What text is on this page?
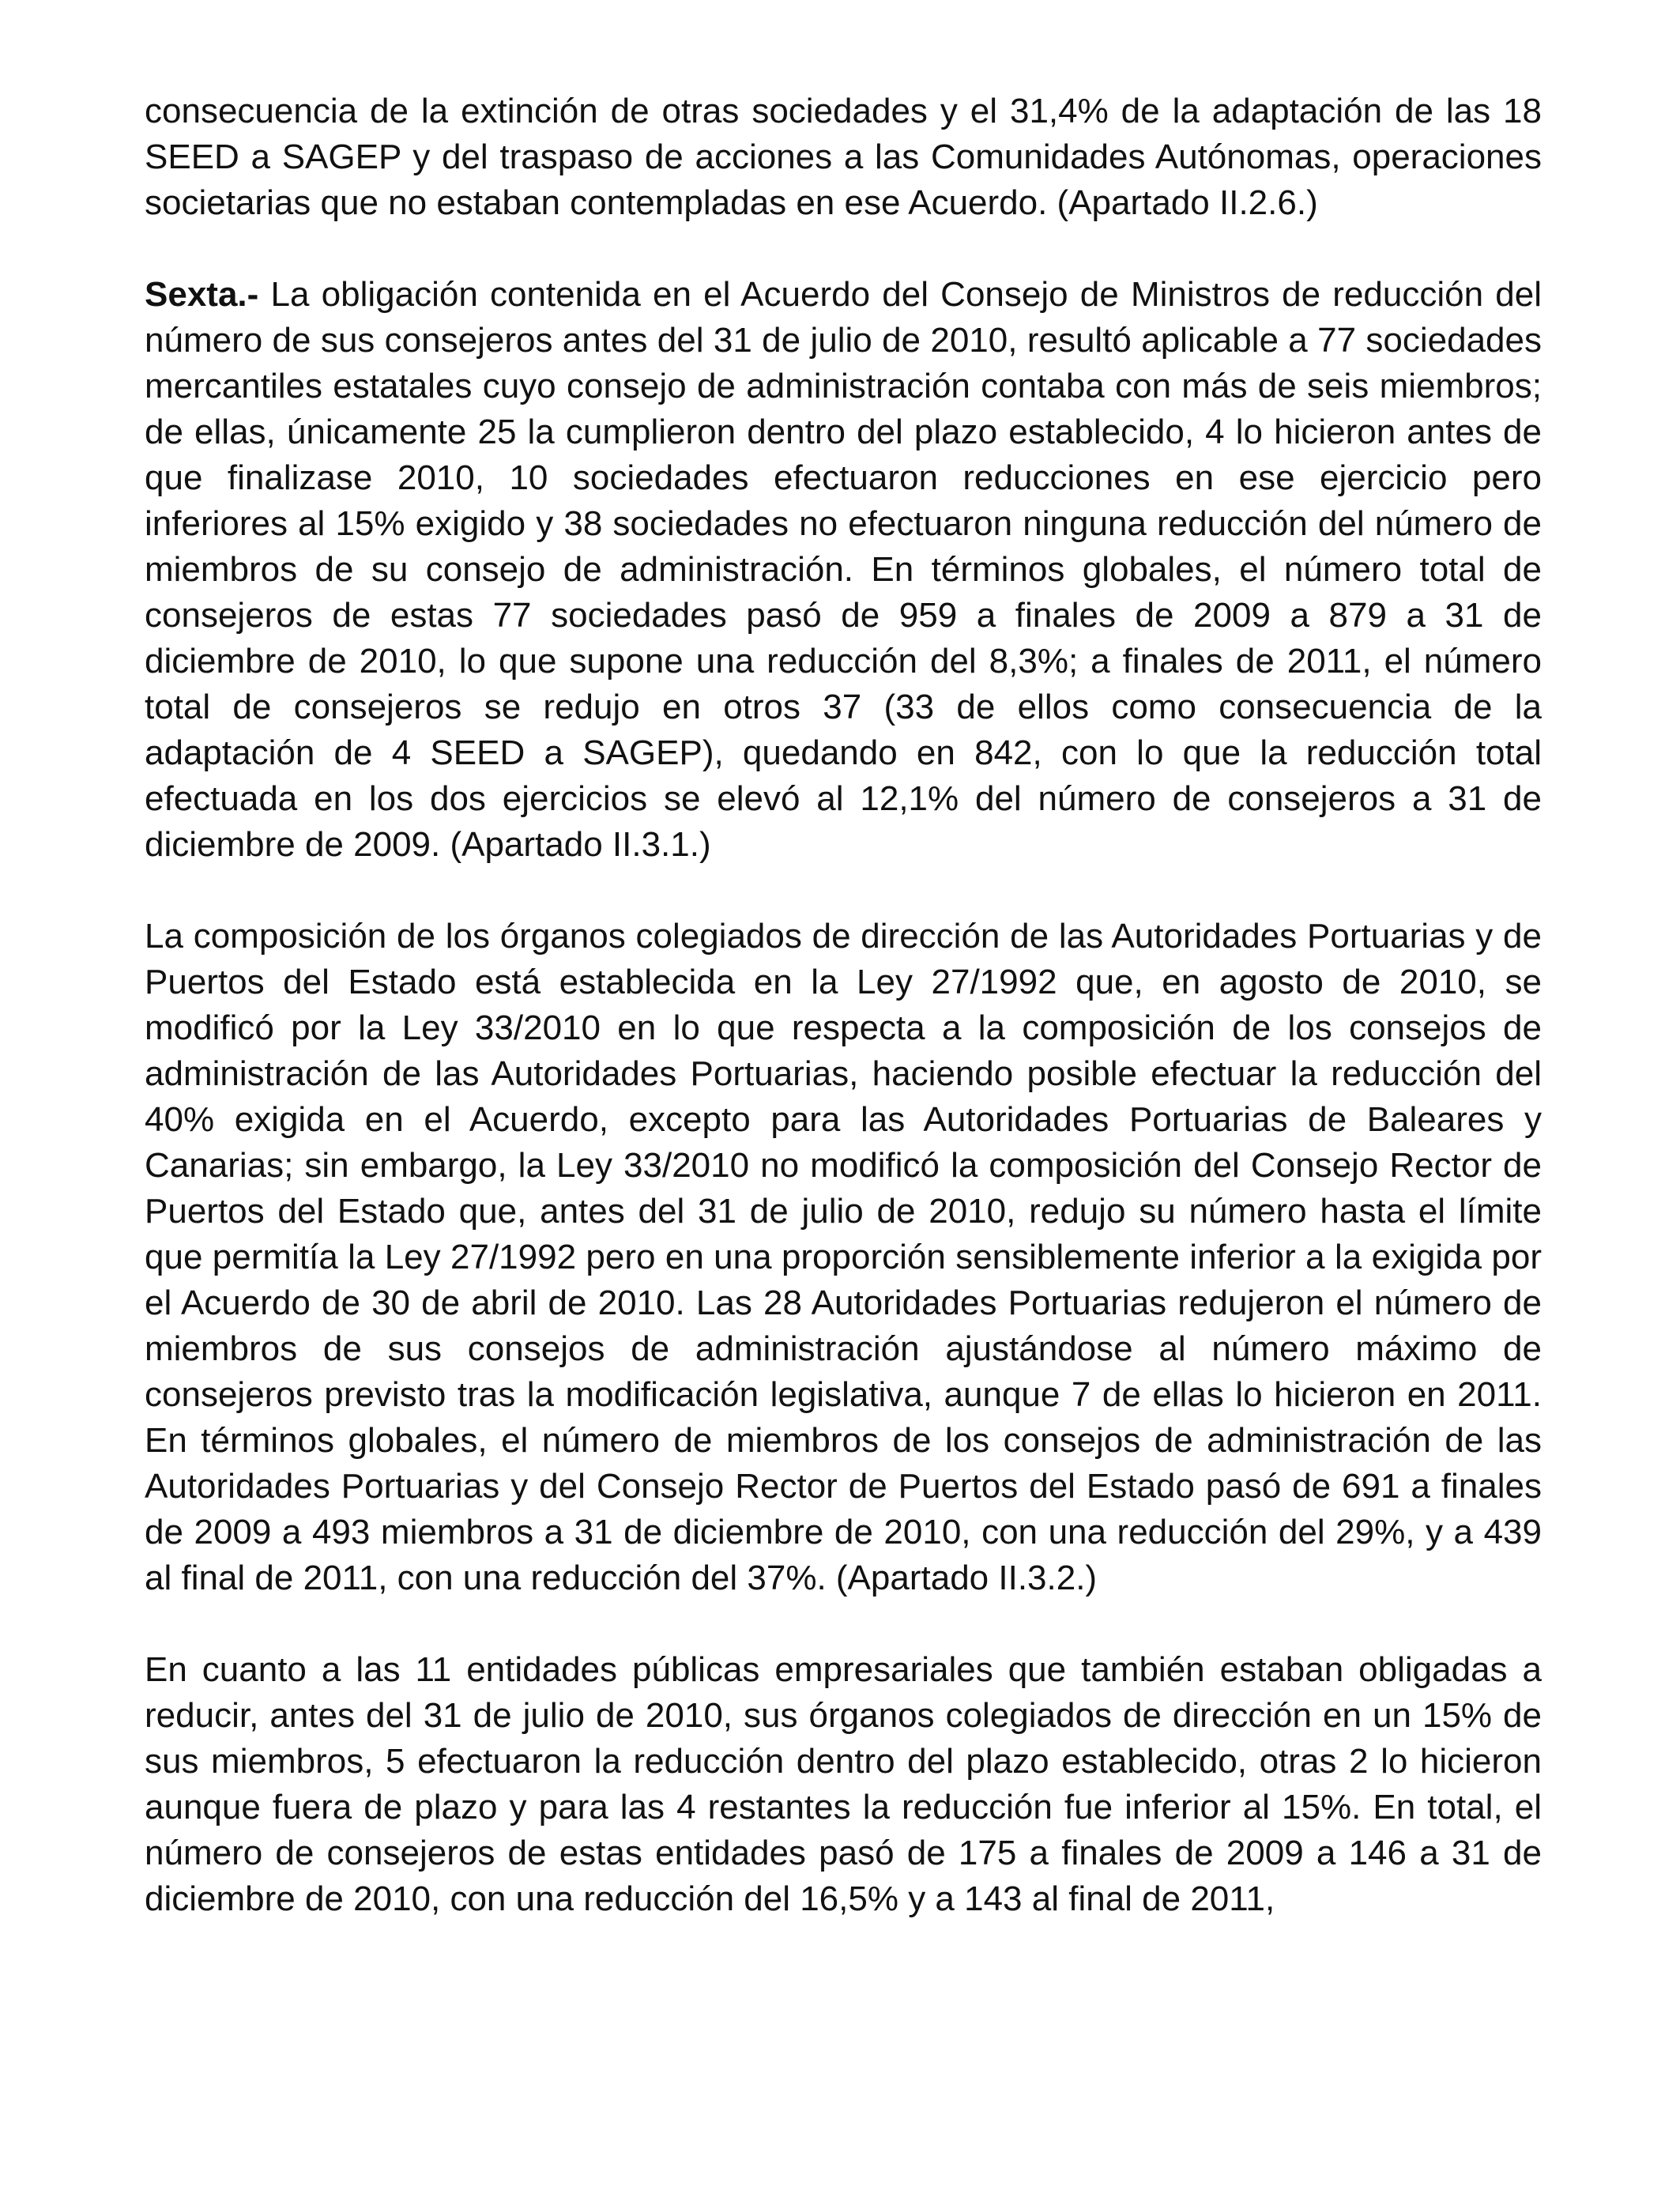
consecuencia de la extinción de otras sociedades y el 31,4% de la adaptación de las 18 SEED a SAGEP y del traspaso de acciones a las Comunidades Autónomas, operaciones societarias que no estaban contempladas en ese Acuerdo. (Apartado II.2.6.)

Sexta.- La obligación contenida en el Acuerdo del Consejo de Ministros de reducción del número de sus consejeros antes del 31 de julio de 2010, resultó aplicable a 77 sociedades mercantiles estatales cuyo consejo de administración contaba con más de seis miembros; de ellas, únicamente 25 la cumplieron dentro del plazo establecido, 4 lo hicieron antes de que finalizase 2010, 10 sociedades efectuaron reducciones en ese ejercicio pero inferiores al 15% exigido y 38 sociedades no efectuaron ninguna reducción del número de miembros de su consejo de administración. En términos globales, el número total de consejeros de estas 77 sociedades pasó de 959 a finales de 2009 a 879 a 31 de diciembre de 2010, lo que supone una reducción del 8,3%; a finales de 2011, el número total de consejeros se redujo en otros 37 (33 de ellos como consecuencia de la adaptación de 4 SEED a SAGEP), quedando en 842, con lo que la reducción total efectuada en los dos ejercicios se elevó al 12,1% del número de consejeros a 31 de diciembre de 2009. (Apartado II.3.1.)

La composición de los órganos colegiados de dirección de las Autoridades Portuarias y de Puertos del Estado está establecida en la Ley 27/1992 que, en agosto de 2010, se modificó por la Ley 33/2010 en lo que respecta a la composición de los consejos de administración de las Autoridades Portuarias, haciendo posible efectuar la reducción del 40% exigida en el Acuerdo, excepto para las Autoridades Portuarias de Baleares y Canarias; sin embargo, la Ley 33/2010 no modificó la composición del Consejo Rector de Puertos del Estado que, antes del 31 de julio de 2010, redujo su número hasta el límite que permitía la Ley 27/1992 pero en una proporción sensiblemente inferior a la exigida por el Acuerdo de 30 de abril de 2010. Las 28 Autoridades Portuarias redujeron el número de miembros de sus consejos de administración ajustándose al número máximo de consejeros previsto tras la modificación legislativa, aunque 7 de ellas lo hicieron en 2011. En términos globales, el número de miembros de los consejos de administración de las Autoridades Portuarias y del Consejo Rector de Puertos del Estado pasó de 691 a finales de 2009 a 493 miembros a 31 de diciembre de 2010, con una reducción del 29%, y a 439 al final de 2011, con una reducción del 37%. (Apartado II.3.2.)

En cuanto a las 11 entidades públicas empresariales que también estaban obligadas a reducir, antes del 31 de julio de 2010, sus órganos colegiados de dirección en un 15% de sus miembros, 5 efectuaron la reducción dentro del plazo establecido, otras 2 lo hicieron aunque fuera de plazo y para las 4 restantes la reducción fue inferior al 15%. En total, el número de consejeros de estas entidades pasó de 175 a finales de 2009 a 146 a 31 de diciembre de 2010, con una reducción del 16,5% y a 143 al final de 2011,
